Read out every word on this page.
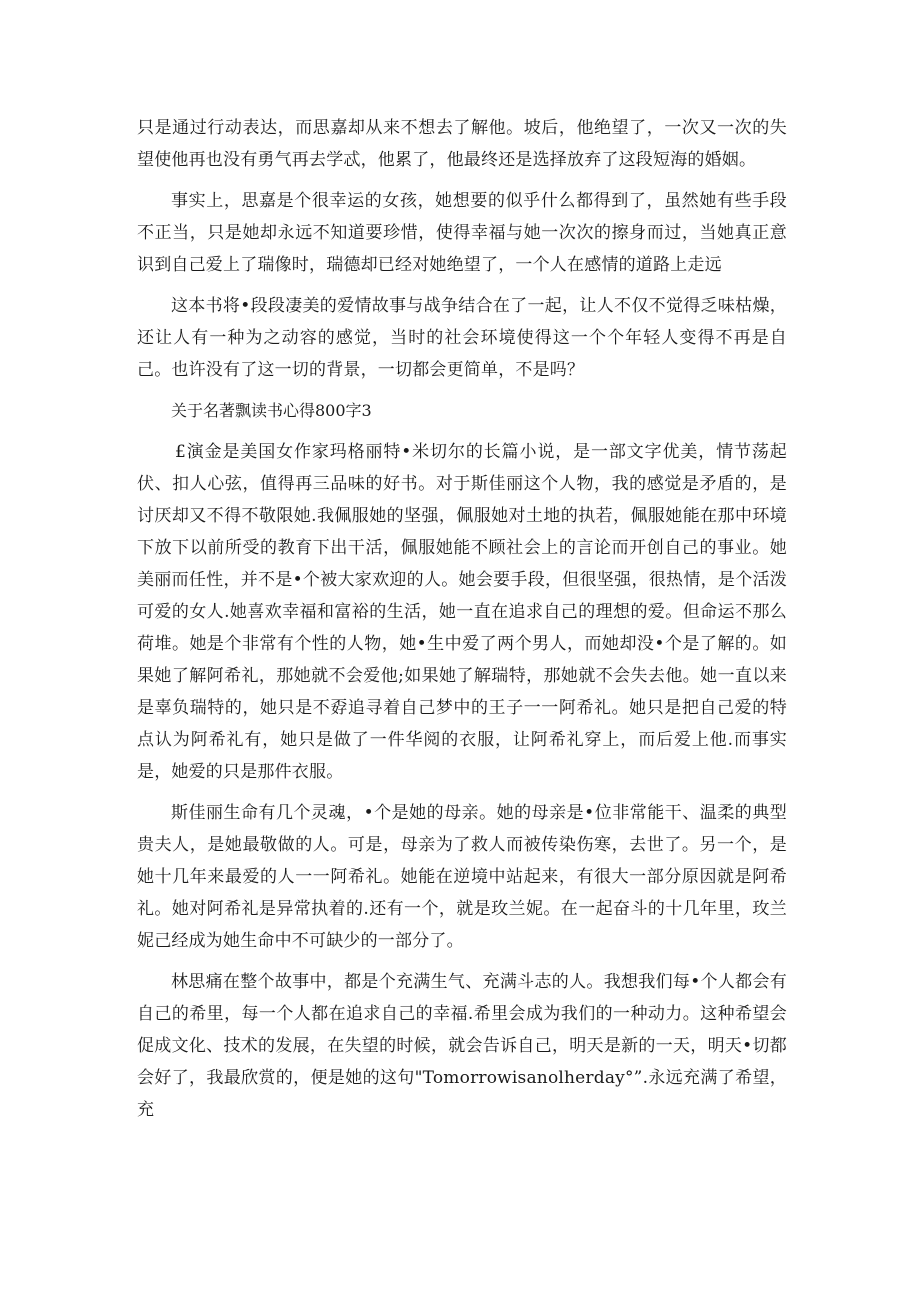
只是通过行动表达，而思嘉却从来不想去了解他。坡后，他绝望了，一次又一次的失望使他再也没有勇气再去学忒，他累了，他最终还是选择放弃了这段短海的婚姻。

事实上，思嘉是个很幸运的女孩，她想要的似乎什么都得到了，虽然她有些手段不正当，只是她却永远不知道要珍惜，使得幸福与她一次次的擦身而过，当她真正意识到自己爱上了瑞像时，瑞德却已经对她绝望了，一个人在感情的道路上走远

这本书将•段段凄美的爱情故事与战争结合在了一起，让人不仅不觉得乏味枯燥，还让人有一种为之动容的感觉，当时的社会环境使得这一个个年轻人变得不再是自己。也许没有了这一切的背景，一切都会更简单，不是吗？

关于名著飘读书心得800字3

£演金是美国女作家玛格丽特•米切尔的长篇小说，是一部文字优美，情节荡起伏、扣人心弦，值得再三品味的好书。对于斯佳丽这个人物，我的感觉是矛盾的，是讨厌却又不得不敬限她.我佩服她的坚强，佩服她对土地的执若，佩服她能在那中环境下放下以前所受的教育下出干活，佩服她能不顾社会上的言论而开创自己的事业。她美丽而任性，并不是•个被大家欢迎的人。她会要手段，但很坚强，很热情，是个活泼可爱的女人.她喜欢幸福和富裕的生活，她一直在追求自己的理想的爱。但命运不那么荷堆。她是个非常有个性的人物，她•生中爱了两个男人，而她却没•个是了解的。如果她了解阿希礼，那她就不会爱他;如果她了解瑞特，那她就不会失去他。她一直以来是辜负瑞特的，她只是不孬追寻着自己梦中的王子一一阿希礼。她只是把自己爱的特点认为阿希礼有，她只是做了一件华阅的衣服，让阿希礼穿上，而后爱上他.而事实是，她爱的只是那件衣服。

斯佳丽生命有几个灵魂，•个是她的母亲。她的母亲是•位非常能干、温柔的典型贵夫人，是她最敬做的人。可是，母亲为了救人而被传染伤寒，去世了。另一个，是她十几年来最爱的人一一阿希礼。她能在逆境中站起来，有很大一部分原因就是阿希礼。她对阿希礼是异常执着的.还有一个，就是玫兰妮。在一起奋斗的十几年里，玫兰妮己经成为她生命中不可缺少的一部分了。

林思痛在整个故事中，都是个充满生气、充满斗志的人。我想我们每•个人都会有自己的希里，每一个人都在追求自己的幸福.希里会成为我们的一种动力。这种希望会促成文化、技术的发展，在失望的时候，就会告诉自己，明天是新的一天，明天•切都会好了，我最欣赏的，便是她的这句"Tomorrowisanolherday°”.永远充满了希望，充
